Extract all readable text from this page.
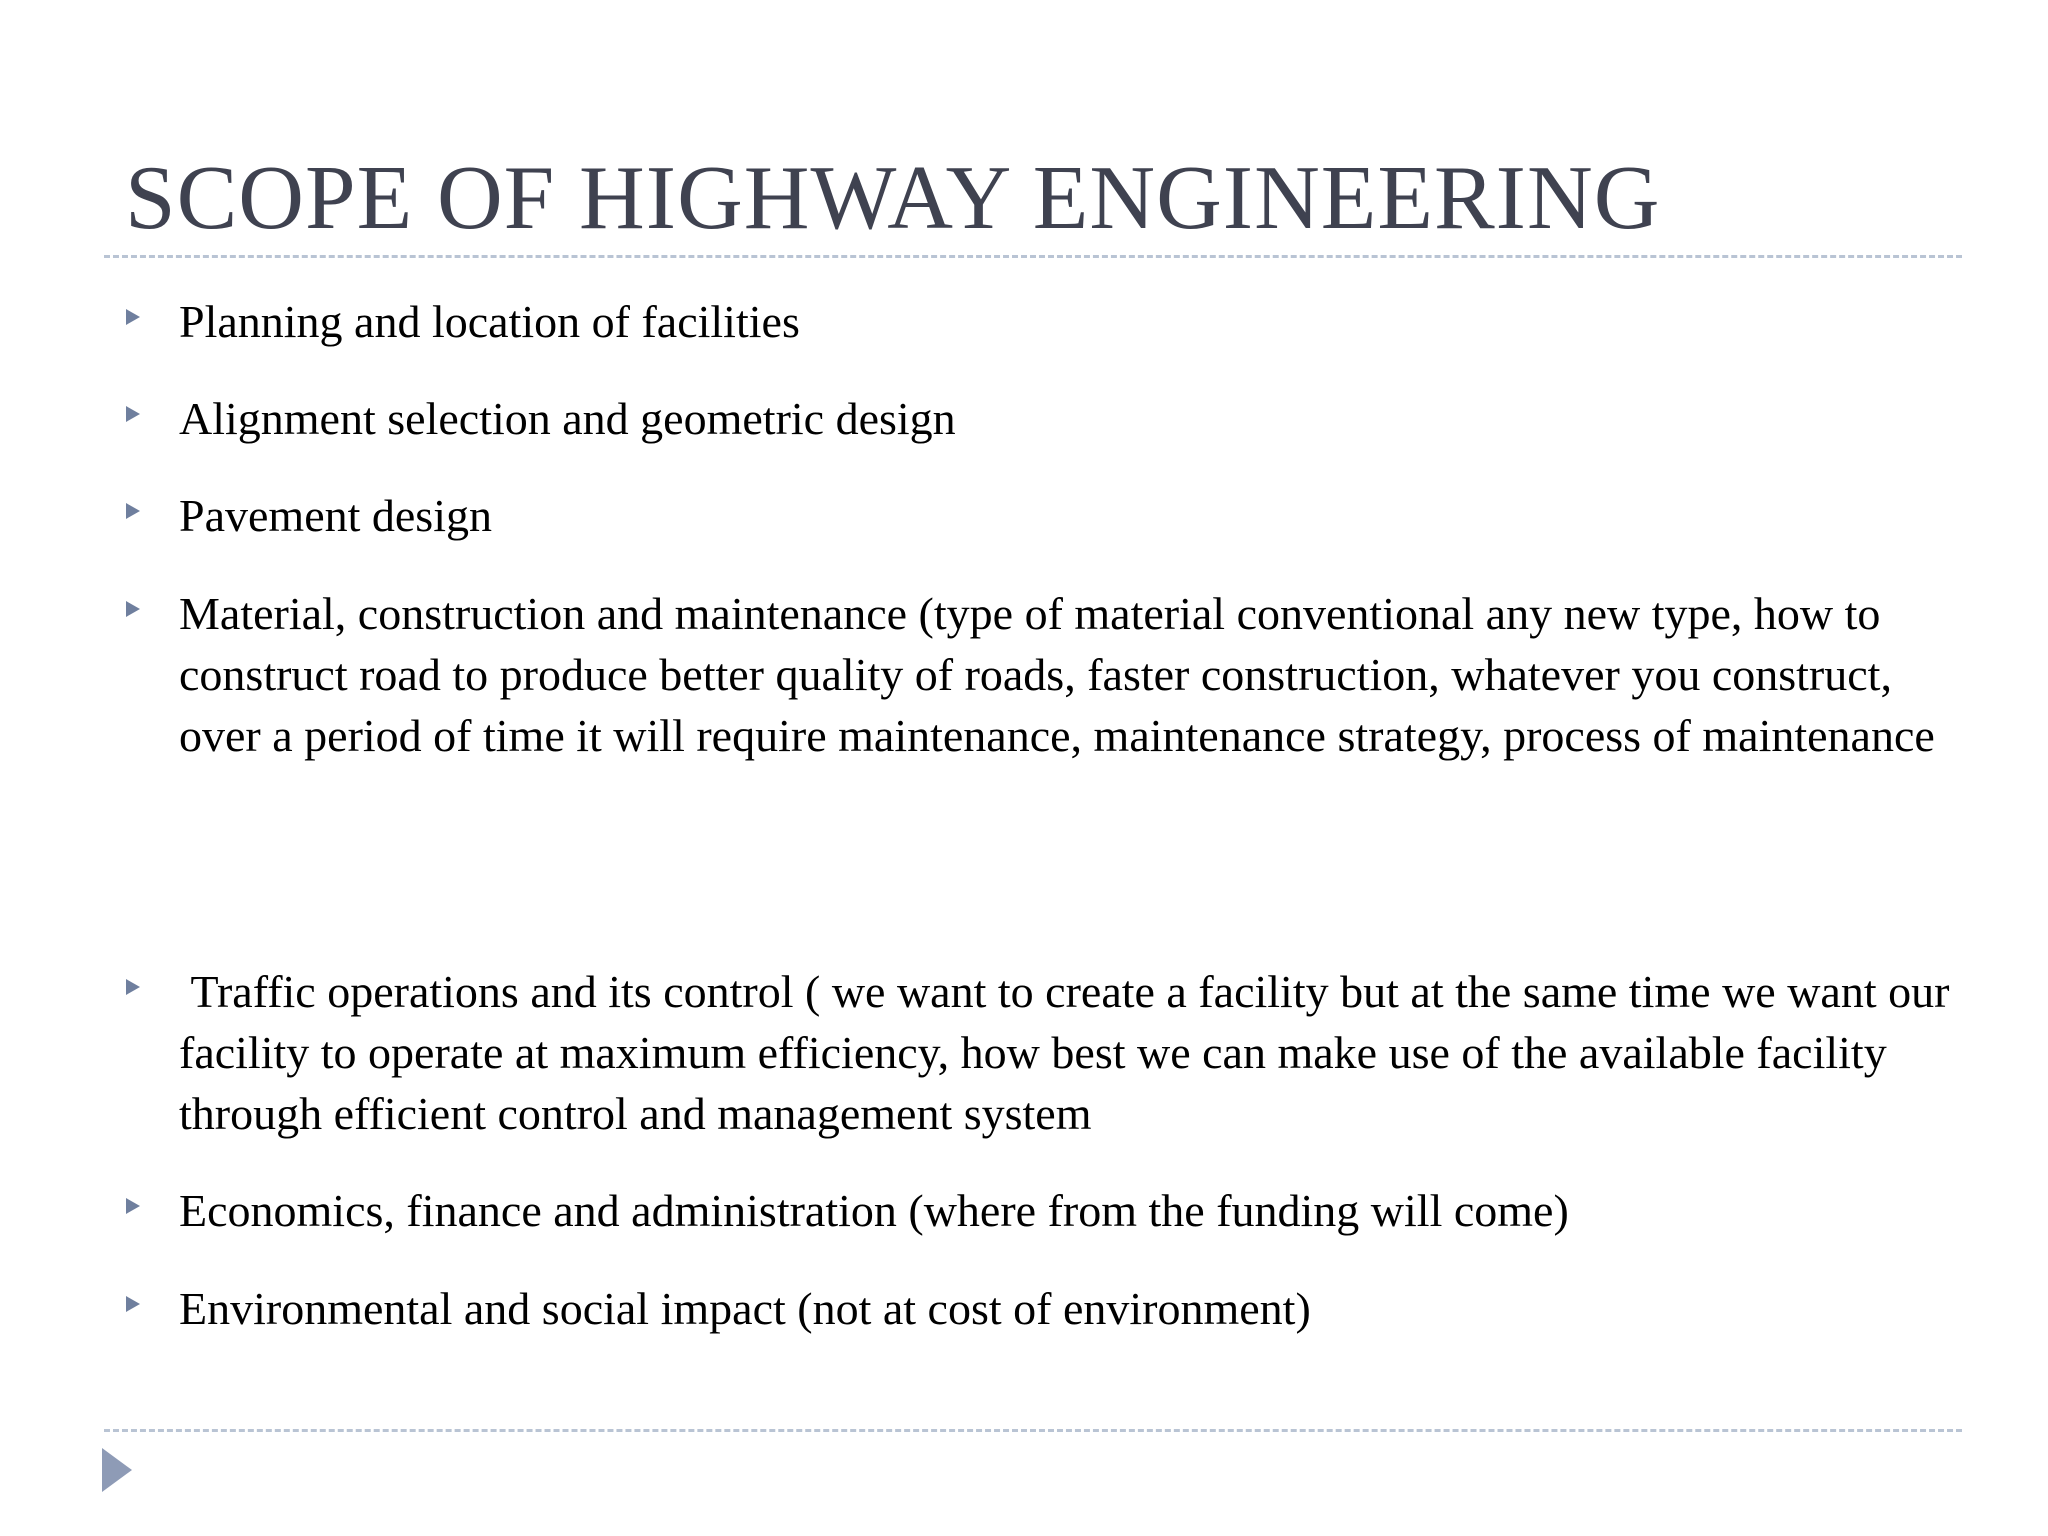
SCOPE OF HIGHWAY ENGINEERING
Planning and location of facilities
Alignment selection and geometric design
Pavement design
Material, construction and maintenance (type of material conventional any new type, how to construct road to produce better quality of roads, faster construction, whatever you construct, over a period of time it will require maintenance, maintenance strategy, process of maintenance
Traffic operations and its control ( we want to create a facility but at the same time we want our facility to operate at maximum efficiency, how best we can make use of the available facility through efficient control and management system
Economics, finance and administration (where from the funding will come)
Environmental and social impact (not at cost of environment)
